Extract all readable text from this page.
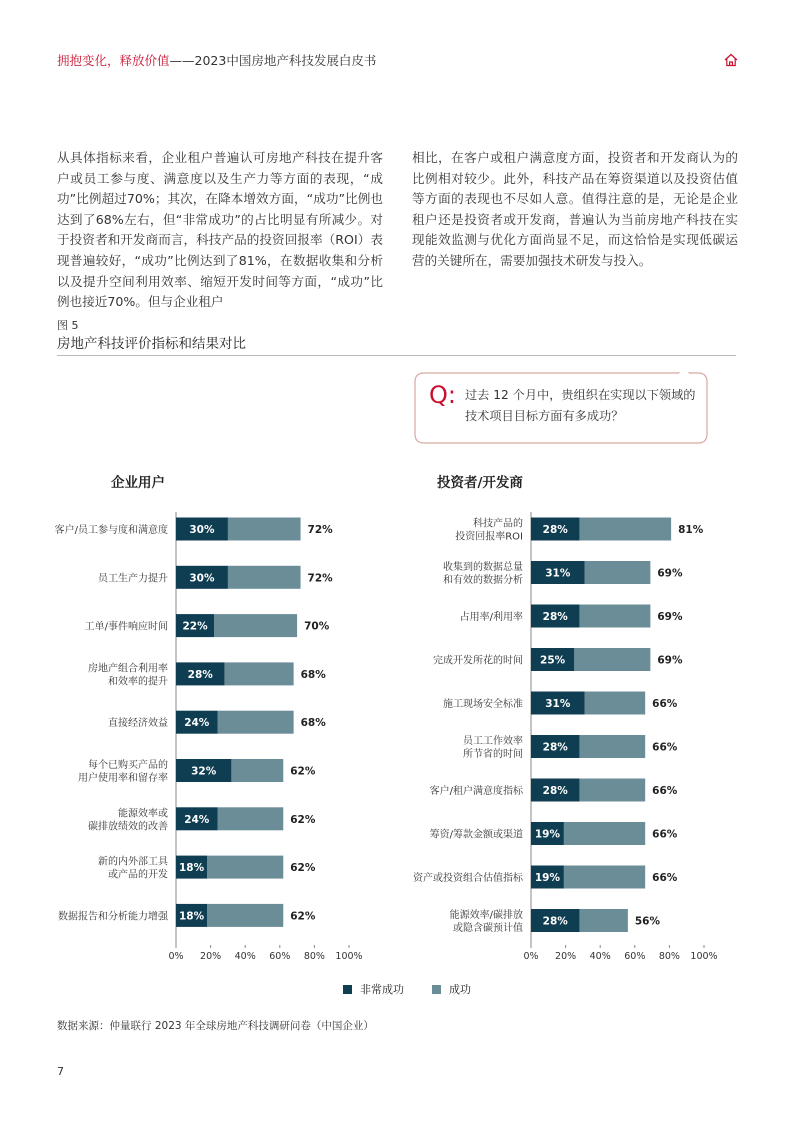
拥抱变化，释放价值——2023中国房地产科技发展白皮书

从具体指标来看，企业租户普遍认可房地产科技在提升客户或员工参与度、满意度以及生产力等方面的表现，“成功”比例超过70%；其次，在降本增效方面，“成功”比例也达到了68%左右，但“非常成功”的占比明显有所减少。对于投资者和开发商而言，科技产品的投资回报率（ROI）表现普遍较好，“成功”比例达到了81%，在数据收集和分析以及提升空间利用效率、缩短开发时间等方面，“成功”比例也接近70%。但与企业租户

相比，在客户或租户满意度方面，投资者和开发商认为的比例相对较少。此外，科技产品在筹资渠道以及投资估值等方面的表现也不尽如人意。值得注意的是，无论是企业租户还是投资者或开发商，普遍认为当前房地产科技在实现能效监测与优化方面尚显不足，而这恰恰是实现低碳运营的关键所在，需要加强技术研发与投入。

图 5
房地产科技评价指标和结果对比
Q: 过去 12 个月中，贵组织在实现以下领域的技术项目目标方面有多成功？

企业用户	投资者/开发商
30%	72%
客户/员工参与度和满意度
30%	72%
员工生产力提升
22%	70%
工单/事件响应时间
28%	68%
房地产组合利用率和效率的提升
24%	68%
直接经济效益
32%	62%
每个已购买产品的用户使用率和留存率
24%	62%
能源效率或碳排放绩效的改善
18%	62%
新的内外部工具或产品的开发
18%	62%
数据报告和分析能力增强
0% 20% 40% 60% 80% 100%
28%	81%
科技产品的投资回报率ROI
31%	69%
收集到的数据总量和有效的数据分析
28%	69%
占用率/利用率
25%	69%
完成开发所花的时间
31%	66%
施工现场安全标准
28%	66%
员工工作效率所节省的时间
28%	66%
客户/租户满意度指标
19%	66%
筹资/筹款金额或渠道
19%	66%
资产或投资组合估值指标
28%	56%
能源效率/碳排放或隐含碳预计值
0% 20% 40% 60% 80% 100%
非常成功	成功
数据来源：仲量联行 2023 年全球房地产科技调研问卷（中国企业）
7
